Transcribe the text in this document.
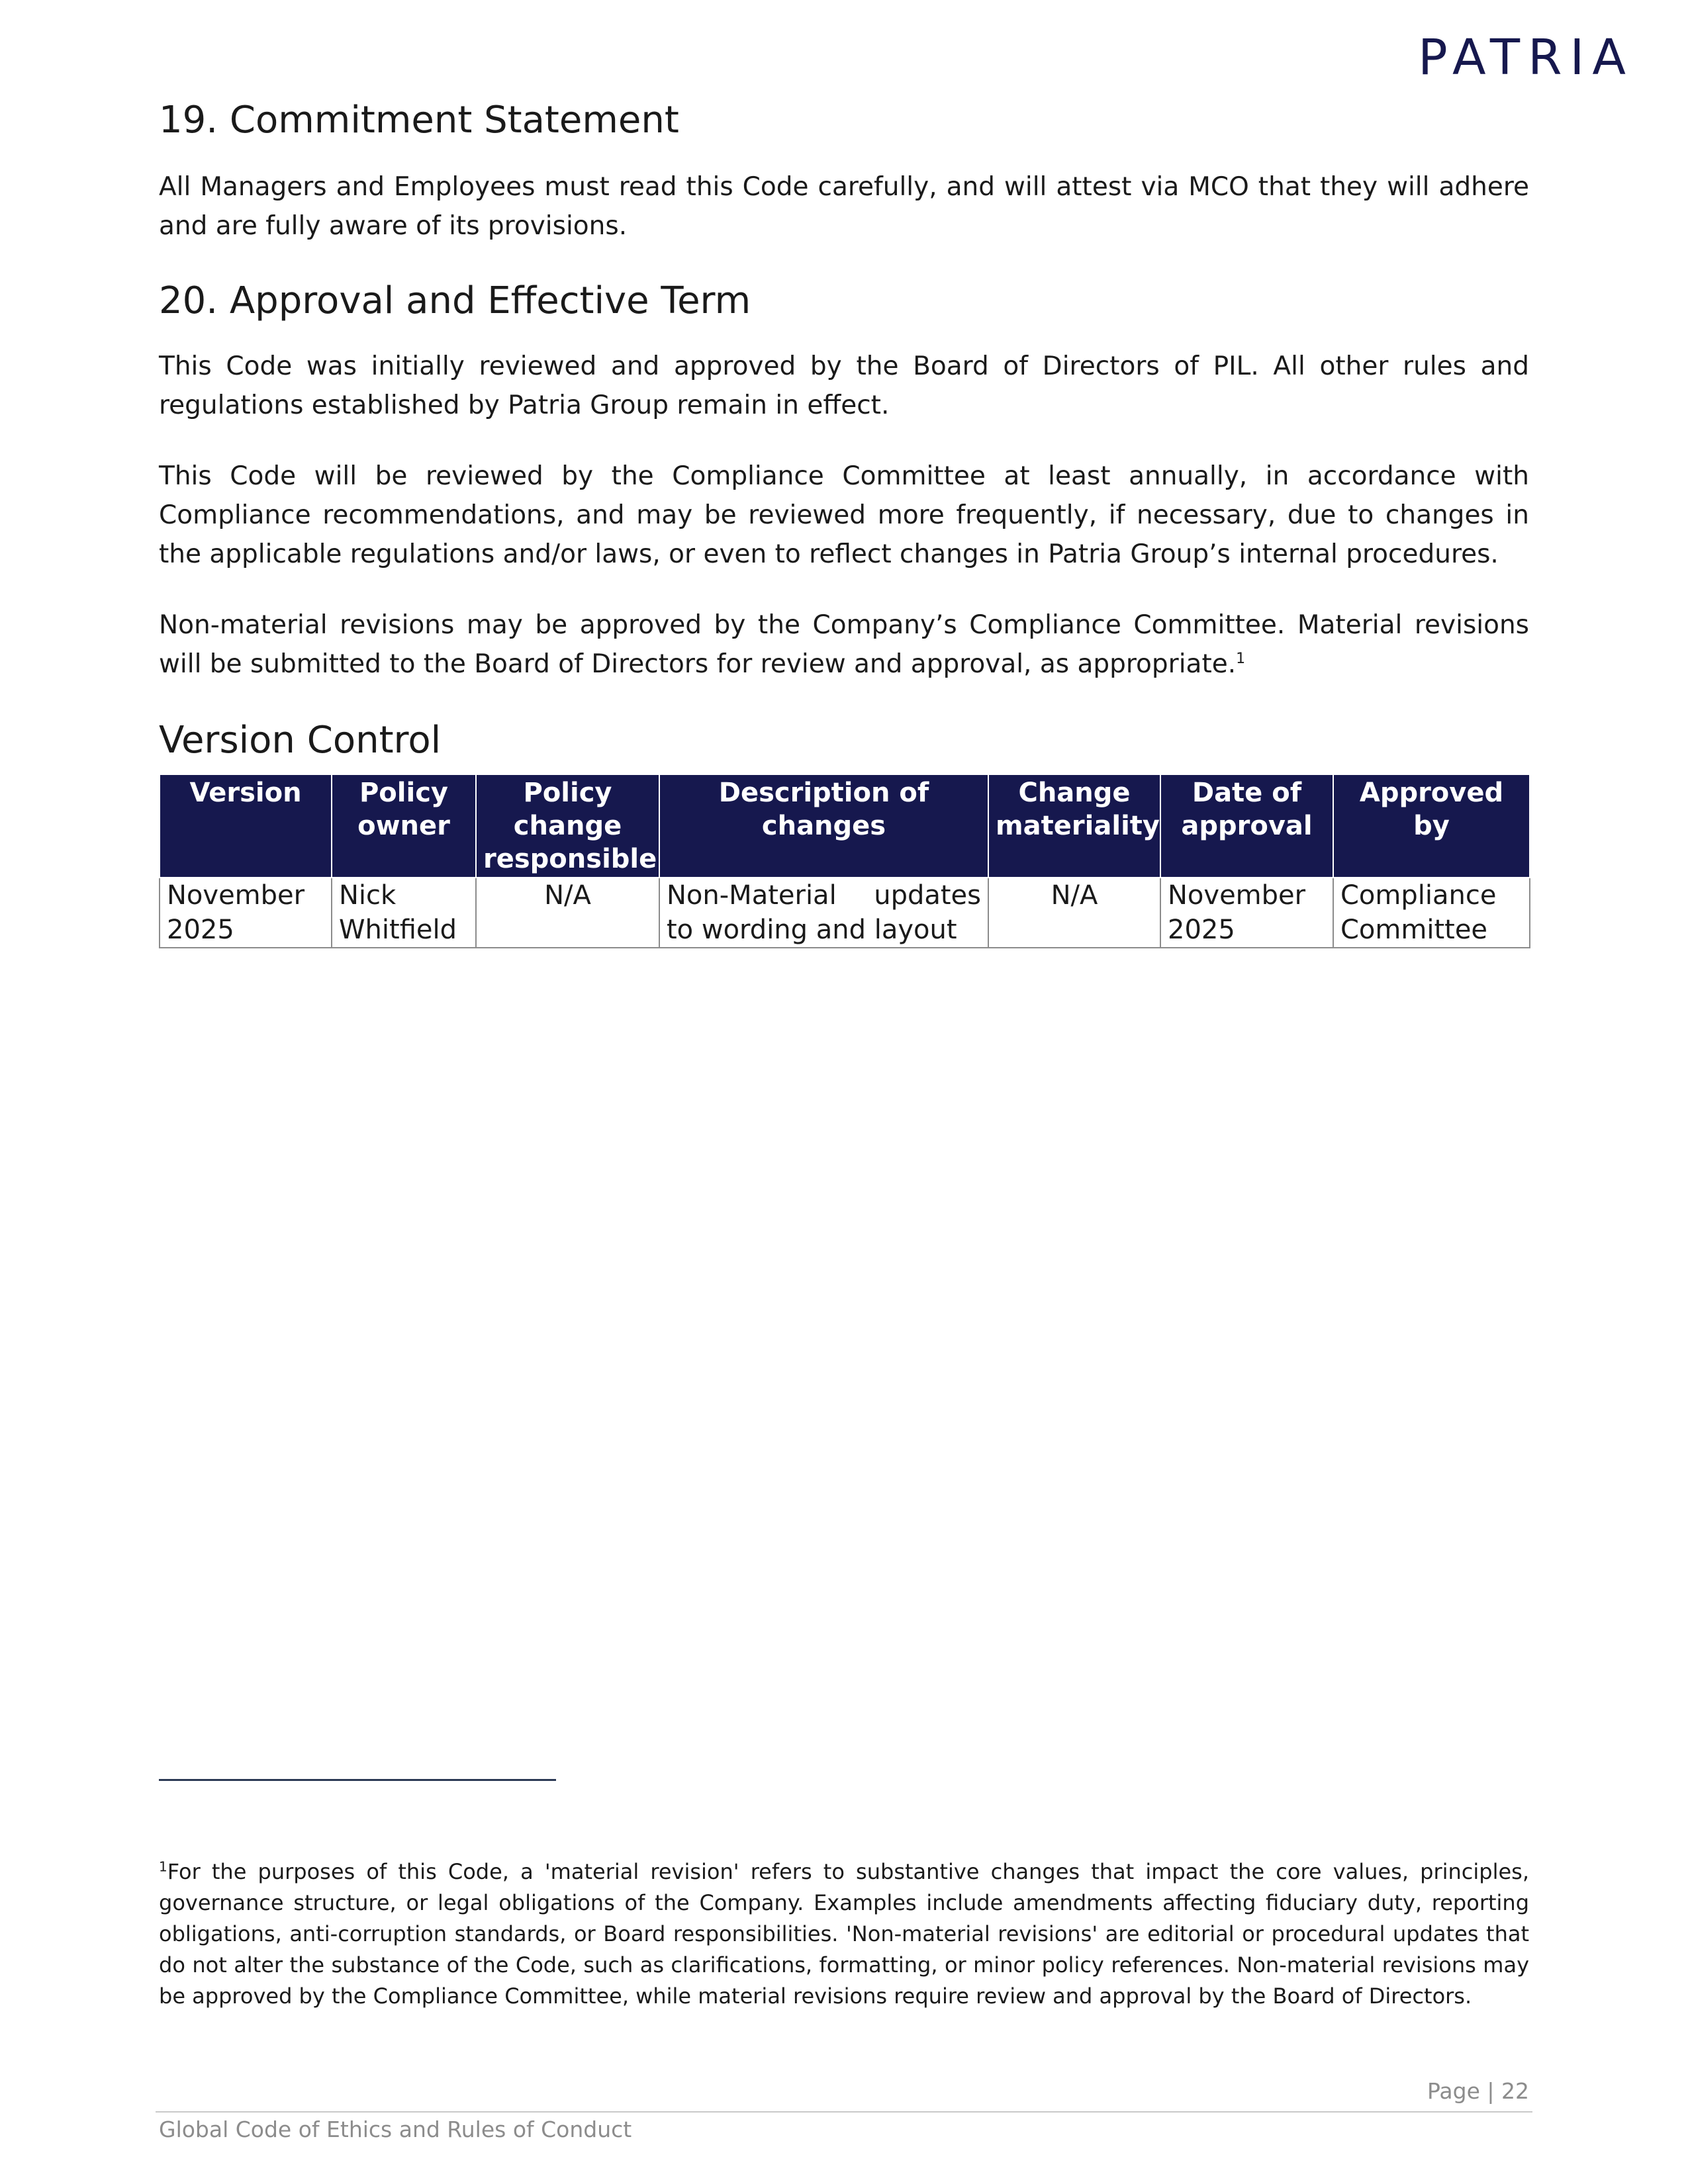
PATRIA
19. Commitment Statement

All Managers and Employees must read this Code carefully, and will attest via MCO that they will adhere and are fully aware of its provisions.

20. Approval and Effective Term

This Code was initially reviewed and approved by the Board of Directors of PIL. All other rules and regulations established by Patria Group remain in effect.

This Code will be reviewed by the Compliance Committee at least annually, in accordance with Compliance recommendations, and may be reviewed more frequently, if necessary, due to changes in the applicable regulations and/or laws, or even to reflect changes in Patria Group’s internal procedures.

Non-material revisions may be approved by the Company’s Compliance Committee. Material revisions will be submitted to the Board of Directors for review and approval, as appropriate.$^1$

Version Control
Version	Policy owner	Policy change responsible	Description of changes	Change materiality	Date of approval	Approved by
November 2025	Nick Whitfield	N/A	Non-Material updates to wording and layout	N/A	November 2025	Compliance Committee
$^1$For the purposes of this Code, a 'material revision' refers to substantive changes that impact the core values, principles, governance structure, or legal obligations of the Company. Examples include amendments affecting fiduciary duty, reporting obligations, anti-corruption standards, or Board responsibilities. 'Non-material revisions' are editorial or procedural updates that do not alter the substance of the Code, such as clarifications, formatting, or minor policy references. Non-material revisions may be approved by the Compliance Committee, while material revisions require review and approval by the Board of Directors.
Page | 22
Global Code of Ethics and Rules of Conduct
